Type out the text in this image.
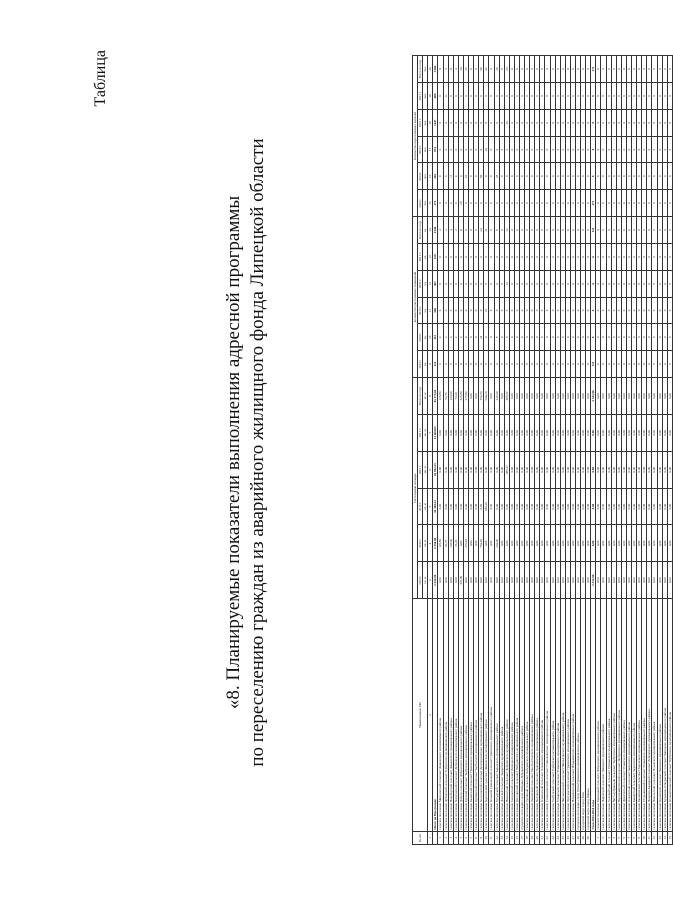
Таблица
«8. Планируемые показатели выполнения адресной программы по переселению граждан из аварийного жилищного фонда Липецкой области
№ п/п	Наименование МО	Расселяемая площадь						Количество расселяемых помещений						Количество переселяемых жителей					
		2013 г.	2014 г.	2015 г.	2016 г.	2017 г.	Всего по году	2013 г.	2014 г.	2015 г.	2016 г.	2017 г.	Всего по году	2013 г.	2014 г.	2015 г.	2016 г.	2017 г.	Всего по году
		кв. м	кв. м	кв. м	кв. м	кв. м	кв. м	ед.	ед.	ед.	ед.	ед.	ед.	чел.	чел.	чел.	чел.	чел.	чел.
1	2	3	4	5	6	7	8	9	10	11	12	13	14	15	16	17	18	19	20
	Итого по Программе:	2 332,96	2 356,80	10 348,52	16 302,25	12 464,05	45 173,61	121	112	366	497	250	1346	271	265	874	1147	609	3166
1	сельское поселение Махоновский сельсовет Данковского муниципального района	0,00	125,80	0,00	0,00	0,00	125,80	0	4	0	0	0	4	0	9	0	0	0	9
2	сельское поселение Дубовский сельсовет Тербунского муниципального района	0,00	62,75	0,00	0,00	0,00	62,75	0	2	0	0	0	2	0	6	0	0	0	6
3	сельское поселение Новоборский сельсовет Данковского муниципального района	0,00	133,60	0,00	0,00	0,00	133,60	0	4	0	0	0	4	0	11	0	0	0	11
4	сельское поселение Борисовский сельсовет Добровского муниципального района	0,00	73,29	0,00	0,00	0,00	73,29	0	2	0	0	0	2	0	4	0	0	0	4
5	сельское поселение Доброе сельсовет Добровского муниципального района	325,80	0,00	0,00	0,00	0,00	325,80	11	0	0	0	0	11	20	0	0	0	0	20
6	сельское поселение Курский сельсовет Тербунского муниципального района	0,00	275,94	0,00	0,00	0,00	275,94	0	9	0	0	0	9	0	25	0	0	0	25
7	сельское поселение Казинский сельсовет Грязинского муниципального района	0,00	0,00	0,00	0,00	0,00	0,00	0	0	0	0	0	0	0	0	0	0	0	0
8	сельское поселение Курманский сельсовет Тербунского муниципального района	0,00	0,00	0,00	0,00	0,00	0,00	0	0	0	0	0	0	0	0	0	0	0	0
9	сельское поселение Колосовский сельсовет Долгоруковского муниципального района	0,00	754,50	0,00	0,00	0,00	754,50	0	24	0	0	0	24	0	59	0	0	0	59
10	сельское поселение Березовский сельсовет Данковского муниципального района	0,00	0,00	640,20	0,00	0,00	640,20	0	0	21	0	0	21	0	0	42	0	0	42
11	сельское поселение Большой Самовецкий сельсовет Грязинского муниципального района	0,00	0,00	0,00	0,00	0,00	0,00	0	0	0	0	0	0	0	0	0	0	0	0
12	сельское поселение Бутырский сельсовет Задонского муниципального района	0,00	234,60	0,00	0,00	0,00	234,60	0	8	0	0	0	8	0	28	0	0	0	28
13	сельское поселение Донской сельсовет Задонского муниципального района	0,00	0,00	0,00	0,00	0,00	0,00	0	0	0	0	0	0	0	0	0	0	0	0
14	сельское поселение Ивановский сельсовет Добринского муниципального района	0,00	0,00	0,00	386,37	0,00	386,37	0	0	0	12	0	12	0	0	0	26	0	26
15	сельское поселение Сенцовский сельсовет Липецкого муниципального района	0,00	0,00	0,00	0,00	0,00	0,00	0	0	0	0	0	0	0	0	0	0	0	0
16	сельское поселение Бреславский сельсовет Лебедянского муниципального района	0,00	0,00	0,00	0,00	0,00	0,00	0	0	0	0	0	0	0	0	0	0	0	0
17	городское поселение город Лебедянь Лебедянского муниципального района	0,00	0,00	0,00	0,00	0,00	0,00	0	0	0	0	0	0	0	0	0	0	0	0
18	сельское поселение Троицкий сельсовет Лебедянского муниципального района	0,00	0,00	0,00	0,00	0,00	0,00	0	0	0	0	0	0	0	0	0	0	0	0
19	сельское поселение Ленинский сельсовет Лев-Толстовского муниципального района	0,00	0,00	0,00	0,00	0,00	0,00	0	0	0	0	0	0	0	0	0	0	0	0
20	сельское поселение Волчанский сельсовет Краснинского муниципального района	0,00	0,00	0,00	0,00	0,00	0,00	0	0	0	0	0	0	0	0	0	0	0	0
21	сельское поселение Хлевенский сельсовет Хлевенского муниципального района	0,00	0,00	0,00	0,00	0,00	0,00	0	0	0	0	0	0	0	0	0	0	0	0
22	сельское поселение Становлянский сельсовет Становлянского муниципального района	0,00	0,00	0,00	0,00	0,00	0,00	0	0	0	0	0	0	0	0	0	0	0	0
23	сельское поселение Тербунский сельсовет Тербунского муниципального района	0,00	0,00	0,00	0,00	0,00	0,00	0	0	0	0	0	0	0	0	0	0	0	0
24	сельское поселение Усманский сельсовет Усманского муниципального района	0,00	0,00	0,00	0,00	0,00	0,00	0	0	0	0	0	0	0	0	0	0	0	0
25	сельское поселение Чаплыгинский сельсовет Чаплыгинского муниципального района	0,00	0,00	0,00	0,00	0,00	0,00	0	0	0	0	0	0	0	0	0	0	0	0
26	сельское поселение Ярлуковский сельсовет Грязинского муниципального района	0,00	0,00	0,00	0,00	0,00	0,00	0	0	0	0	0	0	0	0	0	0	0	0
27	сельское поселение Измалковский сельсовет Измалковского муниципального района	0,00	0,00	0,00	0,00	0,00	0,00	0	0	0	0	0	0	0	0	0	0	0	0
28	городское поселение город Грязи Грязинского муниципального района	0,00	0,00	0,00	0,00	0,00	0,00	0	0	0	0	0	0	0	0	0	0	0	0
29	городской округ город Елец	0,00	0,00	0,00	0,00	0,00	0,00	0	0	0	0	0	0	0	0	0	0	0	0
30	городской округ город Липецк	0,00	0,00	0,00	0,00	0,00	0,00	0	0	0	0	0	0	0	0	0	0	0	0
	Этап 2013-2014 годы	2 332,96	0,00	0,00	0,00	0,00	2 332,96	121	0	0	0	0	121	271	0	0	0	0	271
1	сельское поселение Кривецкий сельсовет Добровского муниципального района	0,00	0,00	0,00	0,00	0,00	0,00	0	0	0	0	0	0	0	0	0	0	0	0
2	сельское поселение Падовский сельсовет Липецкого муниципального района	0,00	0,00	0,00	0,00	0,00	0,00	0	0	0	0	0	0	0	0	0	0	0	0
3	сельское поселение Телелюйский сельсовет Грязинского муниципального района	0,00	0,00	0,00	0,00	0,00	0,00	0	0	0	0	0	0	0	0	0	0	0	0
4	сельское поселение Частодубравский сельсовет Тербунского муниципального района	0,00	0,00	0,00	0,00	0,00	0,00	0	0	0	0	0	0	0	0	0	0	0	0
5	сельское поселение Верхнематренский сельсовет Добринского муниципального района	0,00	0,00	0,00	0,00	0,00	0,00	0	0	0	0	0	0	0	0	0	0	0	0
6	сельское поселение Дрязгинский сельсовет Усманского муниципального района	0,00	0,00	0,00	0,00	0,00	0,00	0	0	0	0	0	0	0	0	0	0	0	0
7	сельское поселение Ольховский сельсовет Задонского муниципального района	0,00	0,00	0,00	0,00	0,00	0,00	0	0	0	0	0	0	0	0	0	0	0	0
8	сельское поселение Кашарский сельсовет Задонского муниципального района	0,00	0,00	0,00	0,00	0,00	0,00	0	0	0	0	0	0	0	0	0	0	0	0
9	сельское поселение Калабинский сельсовет Задонского муниципального района	0,00	0,00	0,00	0,00	0,00	0,00	0	0	0	0	0	0	0	0	0	0	0	0
10	сельское поселение Сторожевский сельсовет Усманского муниципального района	0,00	0,00	0,00	0,00	0,00	0,00	0	0	0	0	0	0	0	0	0	0	0	0
11	сельское поселение Покрово-Казацкий сельсовет Лебедянского муниципального района	0,00	0,00	0,00	0,00	0,00	0,00	0	0	0	0	0	0	0	0	0	0	0	0
12	сельское поселение Никольский сельсовет Воловского муниципального района	0,00	0,00	0,00	0,00	0,00	0,00	0	0	0	0	0	0	0	0	0	0	0	0
13	сельское поселение Боринский сельсовет Липецкого муниципального района	0,00	0,00	0,00	0,00	0,00	0,00	0	0	0	0	0	0	0	0	0	0	0	0
14	сельское поселение Кузьмино-Отвержский сельсовет Липецкого муниципального района	0,00	0,00	0,00	0,00	0,00	0,00	0	0	0	0	0	0	0	0	0	0	0	0
15	сельское поселение Большеполянский сельсовет Тербунского муниципального района	0,00	0,00	0,00	0,00	0,00	0,00	0	0	0	0	0	0	0	0	0	0	0	0
